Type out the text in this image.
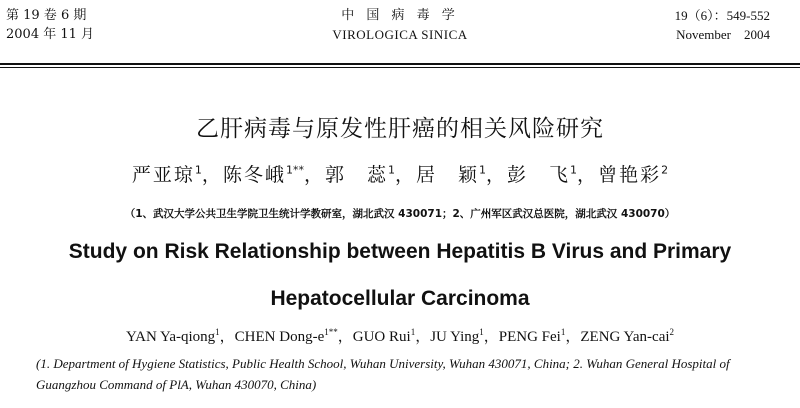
第 19 卷 6 期
2004 年 11 月
中 国 病 毒 学
VIROLOGICA SINICA
19（6）：549-552
November　2004
乙肝病毒与原发性肝癌的相关风险研究
严亚琼$^1$，陈冬峨$^{1**}$，郭　蕊$^1$，居　颖$^1$，彭　飞$^1$，曾艳彩$^2$
（1、武汉大学公共卫生学院卫生统计学教研室，湖北武汉 430071；2、广州军区武汉总医院，湖北武汉 430070）
Study on Risk Relationship between Hepatitis B Virus and Primary
Hepatocellular Carcinoma
YAN Ya-qiong$^1$，CHEN Dong-$e^{1**}$，GUO Rui$^1$，JU Ying$^1$，PENG Fei$^1$，ZENG Yan-cai$^2$
(1. Department of Hygiene Statistics, Public Health School, Wuhan University, Wuhan 430071, China; 2. Wuhan General Hospital of Guangzhou Command of PlA, Wuhan 430070, China)
